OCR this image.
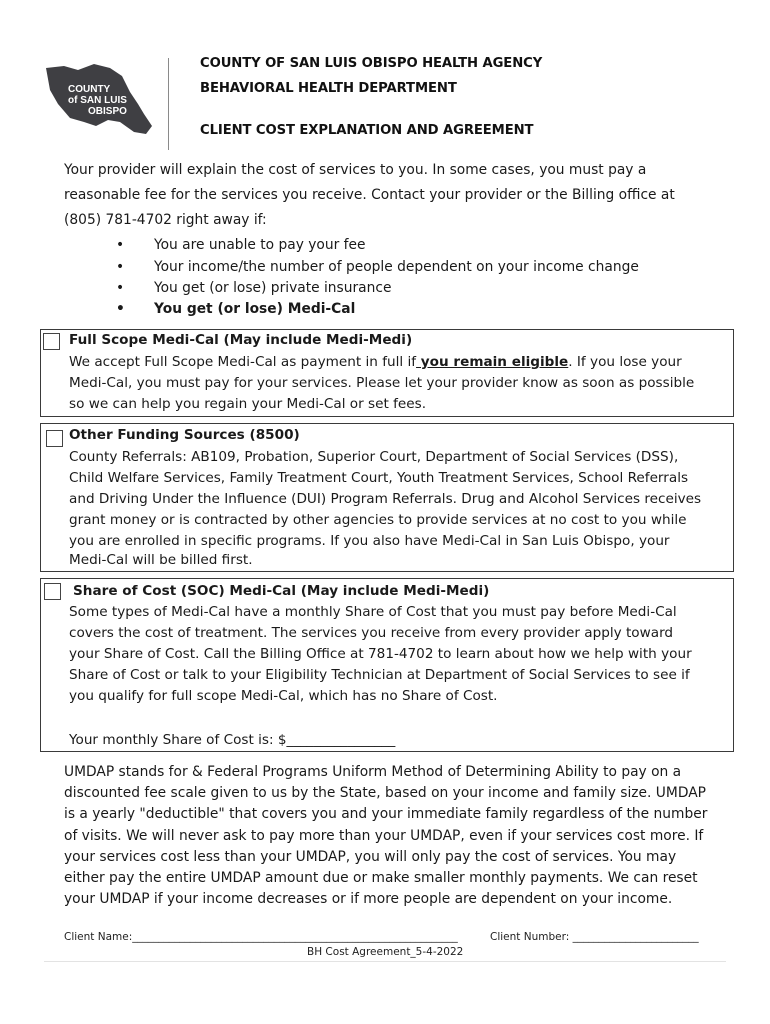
COUNTY
of SAN LUIS
OBISPO
COUNTY OF SAN LUIS OBISPO HEALTH AGENCY
BEHAVIORAL HEALTH DEPARTMENT
CLIENT COST EXPLANATION AND AGREEMENT
Your provider will explain the cost of services to you. In some cases, you must pay a
reasonable fee for the services you receive. Contact your provider or the Billing office at
(805) 781-4702 right away if:
• You are unable to pay your fee
• Your income/the number of people dependent on your income change
• You get (or lose) private insurance
• You get (or lose) Medi-Cal
Full Scope Medi-Cal (May include Medi-Medi)
We accept Full Scope Medi-Cal as payment in full if you remain eligible. If you lose your
Medi-Cal, you must pay for your services. Please let your provider know as soon as possible
so we can help you regain your Medi-Cal or set fees.
Other Funding Sources (8500)
County Referrals: AB109, Probation, Superior Court, Department of Social Services (DSS),
Child Welfare Services, Family Treatment Court, Youth Treatment Services, School Referrals
and Driving Under the Influence (DUI) Program Referrals. Drug and Alcohol Services receives
grant money or is contracted by other agencies to provide services at no cost to you while
you are enrolled in specific programs. If you also have Medi-Cal in San Luis Obispo, your
Medi-Cal will be billed first.
Share of Cost (SOC) Medi-Cal (May include Medi-Medi)
Some types of Medi-Cal have a monthly Share of Cost that you must pay before Medi-Cal
covers the cost of treatment. The services you receive from every provider apply toward
your Share of Cost. Call the Billing Office at 781-4702 to learn about how we help with your
Share of Cost or talk to your Eligibility Technician at Department of Social Services to see if
you qualify for full scope Medi-Cal, which has no Share of Cost.
Your monthly Share of Cost is: $________________
UMDAP stands for & Federal Programs Uniform Method of Determining Ability to pay on a
discounted fee scale given to us by the State, based on your income and family size. UMDAP
is a yearly "deductible" that covers you and your immediate family regardless of the number
of visits. We will never ask to pay more than your UMDAP, even if your services cost more. If
your services cost less than your UMDAP, you will only pay the cost of services. You may
either pay the entire UMDAP amount due or make smaller monthly payments. We can reset
your UMDAP if your income decreases or if more people are dependent on your income.
Client Name:______________________________________________________________	Client Number: ________________________
BH Cost Agreement_5-4-2022
